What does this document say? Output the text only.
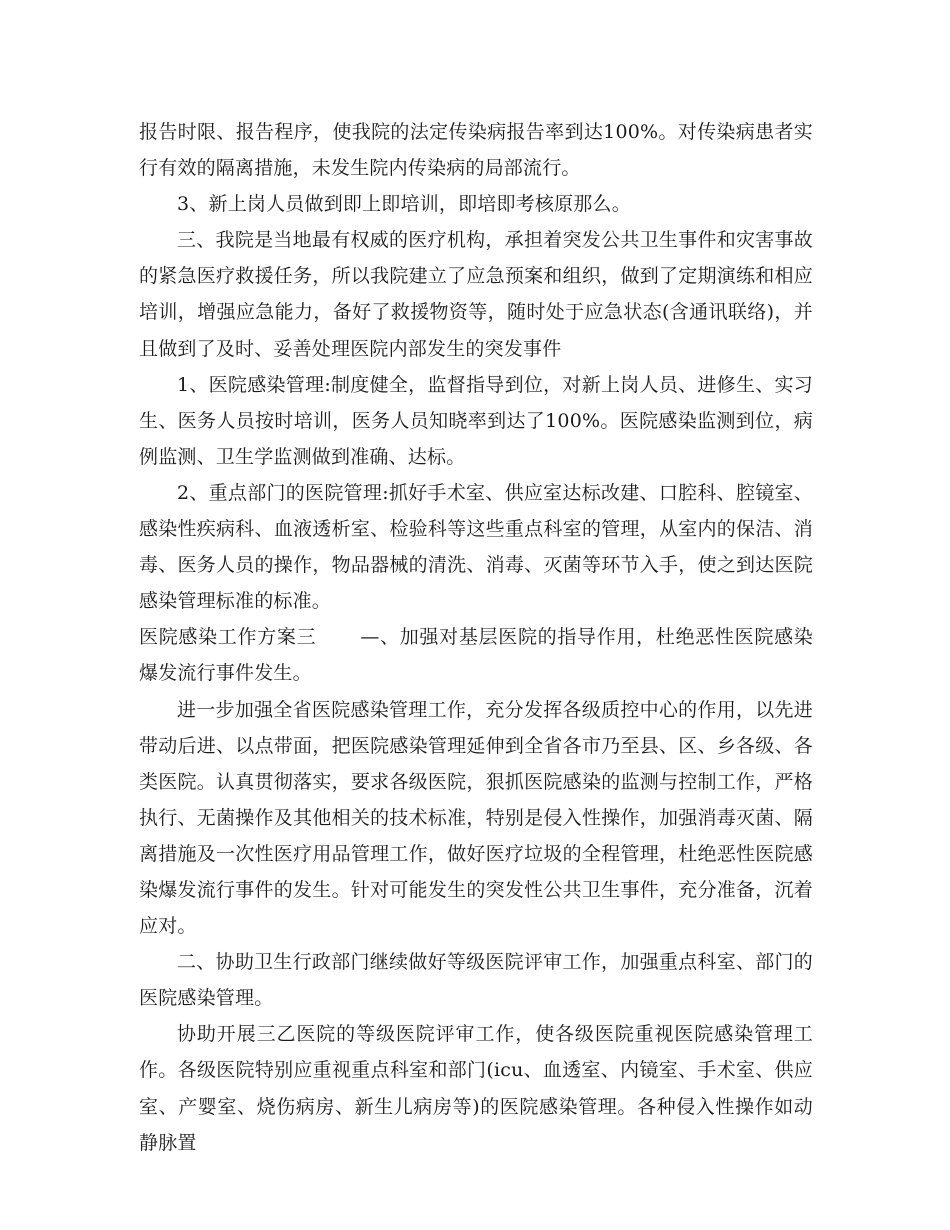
报告时限、报告程序，使我院的法定传染病报告率到达100%。对传染病患者实行有效的隔离措施，未发生院内传染病的局部流行。

3、新上岗人员做到即上即培训，即培即考核原那么。

三、我院是当地最有权威的医疗机构，承担着突发公共卫生事件和灾害事故的紧急医疗救援任务，所以我院建立了应急预案和组织，做到了定期演练和相应培训，增强应急能力，备好了救援物资等，随时处于应急状态(含通讯联络)，并且做到了及时、妥善处理医院内部发生的突发事件

1、医院感染管理:制度健全，监督指导到位，对新上岗人员、进修生、实习生、医务人员按时培训，医务人员知晓率到达了100%。医院感染监测到位，病例监测、卫生学监测做到准确、达标。

2、重点部门的医院管理:抓好手术室、供应室达标改建、口腔科、腔镜室、感染性疾病科、血液透析室、检验科等这些重点科室的管理，从室内的保洁、消毒、医务人员的操作，物品器械的清洗、消毒、灭菌等环节入手，使之到达医院感染管理标准的标准。

医院感染工作方案三 —、加强对基层医院的指导作用，杜绝恶性医院感染爆发流行事件发生。

进一步加强全省医院感染管理工作，充分发挥各级质控中心的作用，以先进带动后进、以点带面，把医院感染管理延伸到全省各市乃至县、区、乡各级、各类医院。认真贯彻落实，要求各级医院，狠抓医院感染的监测与控制工作，严格执行、无菌操作及其他相关的技术标准，特别是侵入性操作，加强消毒灭菌、隔离措施及一次性医疗用品管理工作，做好医疗垃圾的全程管理，杜绝恶性医院感染爆发流行事件的发生。针对可能发生的突发性公共卫生事件，充分准备，沉着应对。

二、协助卫生行政部门继续做好等级医院评审工作，加强重点科室、部门的医院感染管理。

协助开展三乙医院的等级医院评审工作，使各级医院重视医院感染管理工作。各级医院特别应重视重点科室和部门(icu、血透室、内镜室、手术室、供应室、产婴室、烧伤病房、新生儿病房等)的医院感染管理。各种侵入性操作如动静脉置
